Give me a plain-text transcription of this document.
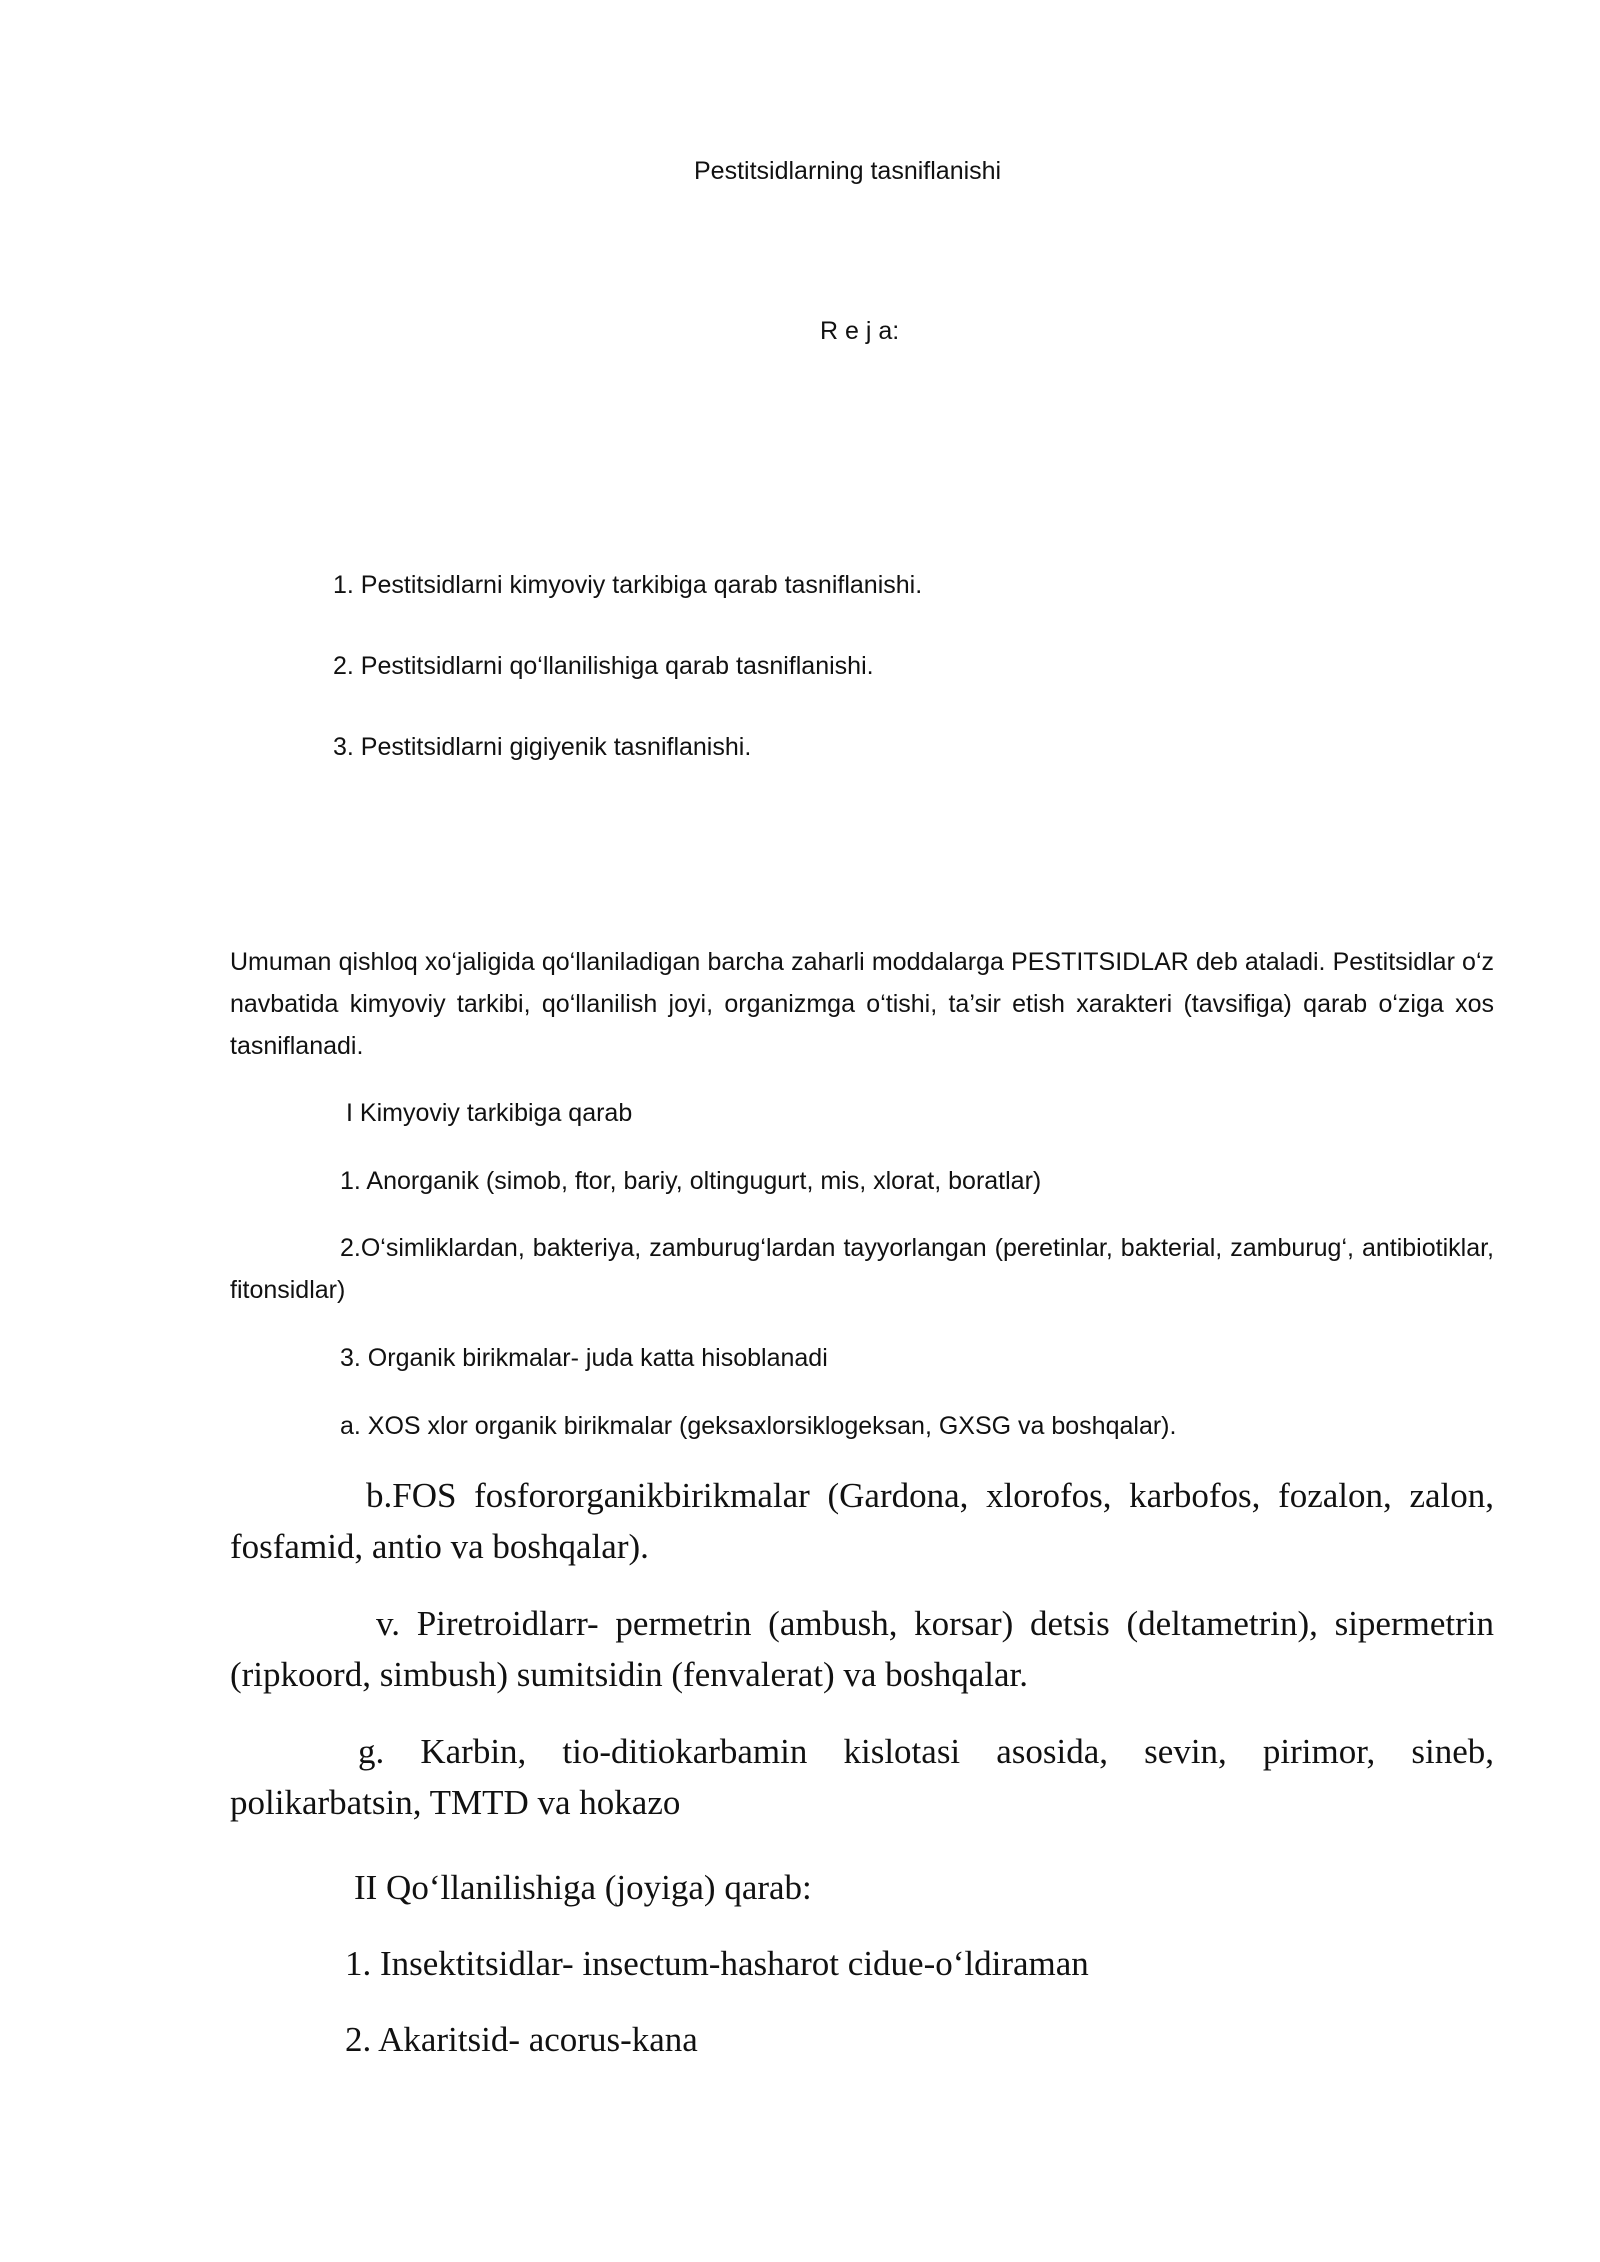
Pestitsidlarning tasniflanishi

R e j a:

1. Pestitsidlarni kimyoviy tarkibiga qarab tasniflanishi.

2. Pestitsidlarni qo‘llanilishiga qarab tasniflanishi.

3. Pestitsidlarni gigiyenik tasniflanishi.

Umuman qishloq xo‘jaligida qo‘llaniladigan barcha zaharli moddalarga PESTITSIDLAR deb ataladi. Pestitsidlar o‘z navbatida kimyoviy tarkibi, qo‘llanilish joyi, organizmga o‘tishi, ta’sir etish xarakteri (tavsifiga) qarab o‘ziga xos tasniflanadi.

I Kimyoviy tarkibiga qarab

1. Anorganik (simob, ftor, bariy, oltingugurt, mis, xlorat, boratlar)

2.O‘simliklardan, bakteriya, zamburug‘lardan tayyorlangan (peretinlar, bakterial, zamburug‘, antibiotiklar, fitonsidlar)

3. Organik birikmalar- juda katta hisoblanadi

a. XOS xlor organik birikmalar (geksaxlorsiklogeksan, GXSG va boshqalar).

b.FOS fosfororganikbirikmalar (Gardona, xlorofos, karbofos, fozalon, zalon, fosfamid, antio va boshqalar).

v. Piretroidlarr- permetrin (ambush, korsar) detsis (deltametrin), sipermetrin (ripkoord, simbush) sumitsidin (fenvalerat) va boshqalar.

g. Karbin, tio-ditiokarbamin kislotasi asosida, sevin, pirimor, sineb, polikarbatsin, TMTD va hokazo

II Qo‘llanilishiga (joyiga) qarab:

1. Insektitsidlar- insectum-hasharot cidue-o‘ldiraman

2. Akaritsid- acorus-kana
